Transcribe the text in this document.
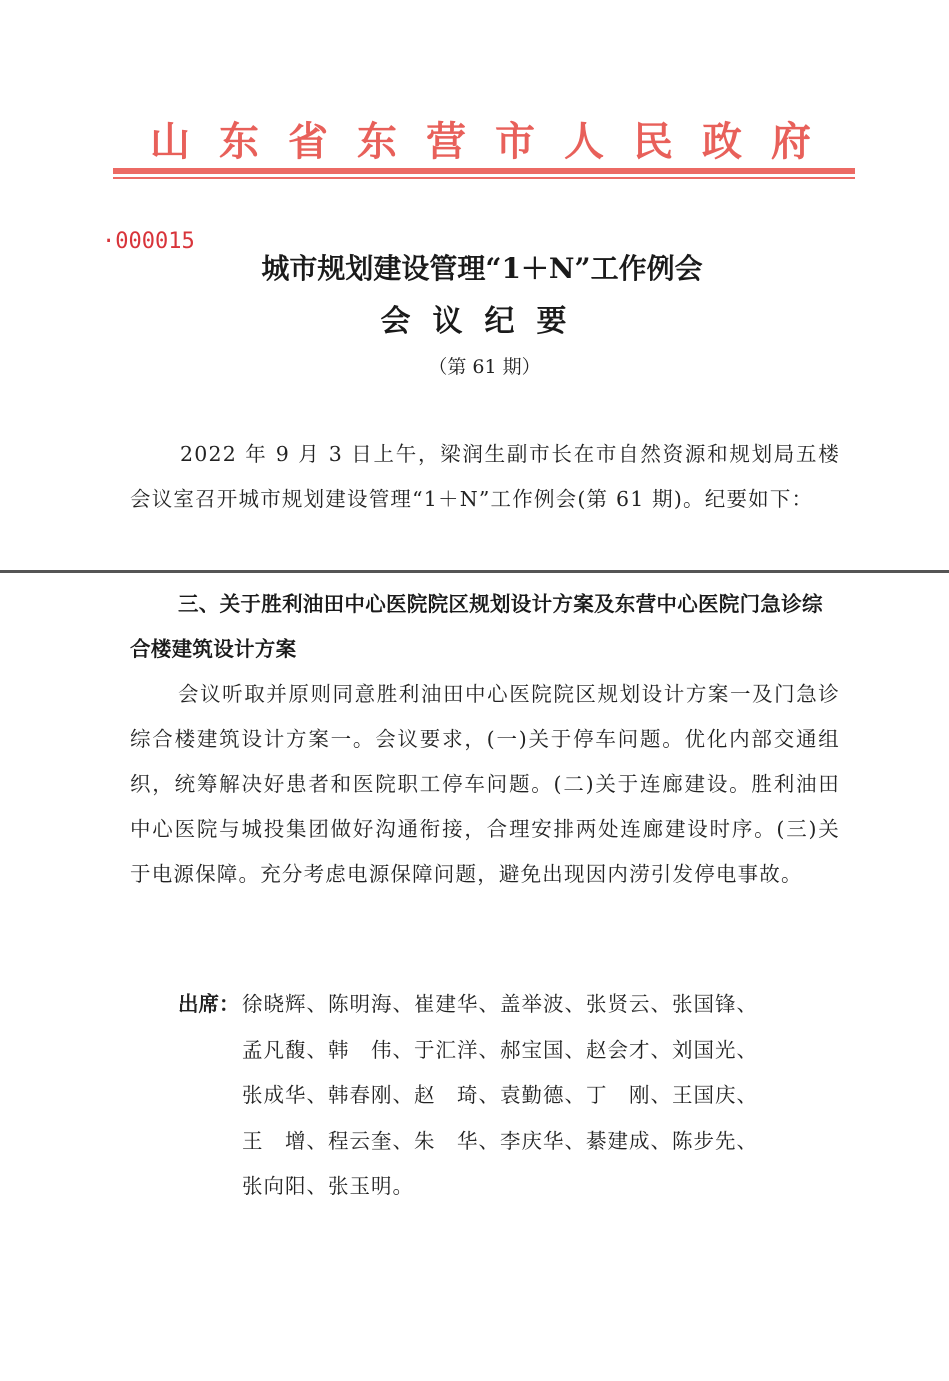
山 东 省 东 营 市 人 民 政 府
·000015
城市规划建设管理“1＋N”工作例会
会议纪要
（第 61 期）
2022 年 9 月 3 日上午，梁润生副市长在市自然资源和规划局五楼会议室召开城市规划建设管理“1＋N”工作例会(第 61 期)。纪要如下：
三、关于胜利油田中心医院院区规划设计方案及东营中心医院门急诊综合楼建筑设计方案
会议听取并原则同意胜利油田中心医院院区规划设计方案一及门急诊综合楼建筑设计方案一。会议要求，(一)关于停车问题。优化内部交通组织，统筹解决好患者和医院职工停车问题。(二)关于连廊建设。胜利油田中心医院与城投集团做好沟通衔接，合理安排两处连廊建设时序。(三)关于电源保障。充分考虑电源保障问题，避免出现因内涝引发停电事故。
出席： 徐晓辉、陈明海、崔建华、盖举波、张贤云、张国锋、
孟凡馥、韩　伟、于汇洋、郝宝国、赵会才、刘国光、
张成华、韩春刚、赵　琦、袁勤德、丁　刚、王国庆、
王　增、程云奎、朱　华、李庆华、綦建成、陈步先、
张向阳、张玉明。
